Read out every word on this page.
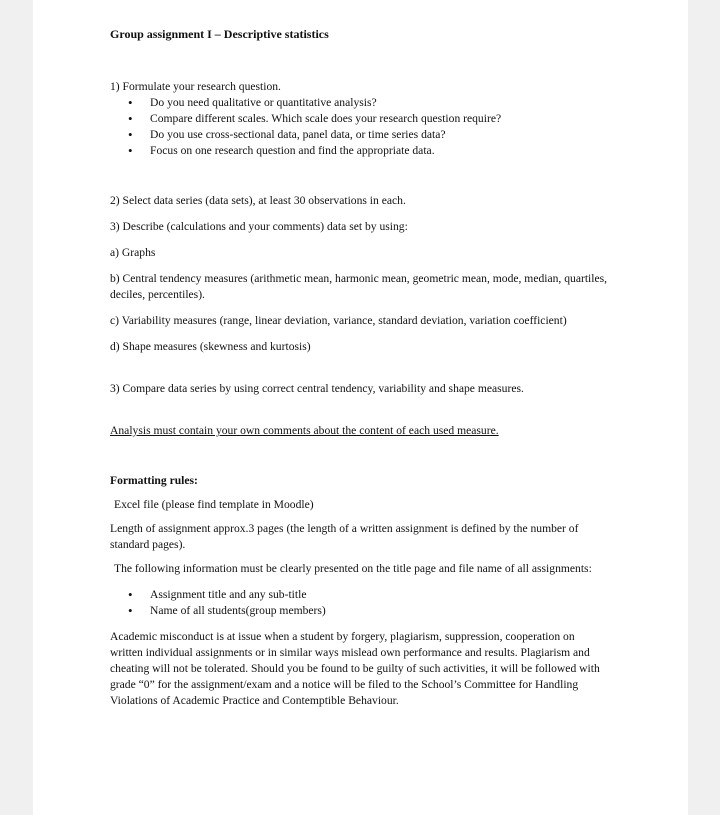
Group assignment I – Descriptive statistics

1) Formulate your research question.

• Do you need qualitative or quantitative analysis?
• Compare different scales. Which scale does your research question require?
• Do you use cross-sectional data, panel data, or time series data?
• Focus on one research question and find the appropriate data.

2) Select data series (data sets), at least 30 observations in each.

3) Describe (calculations and your comments) data set by using:

a) Graphs

b) Central tendency measures (arithmetic mean, harmonic mean, geometric mean, mode, median, quartiles, deciles, percentiles).

c) Variability measures (range, linear deviation, variance, standard deviation, variation coefficient)

d) Shape measures (skewness and kurtosis)

3) Compare data series by using correct central tendency, variability and shape measures.

Analysis must contain your own comments about the content of each used measure.

Formatting rules:

Excel file (please find template in Moodle)

Length of assignment approx.3 pages (the length of a written assignment is defined by the number of standard pages).

The following information must be clearly presented on the title page and file name of all assignments:

• Assignment title and any sub-title
• Name of all students(group members)

Academic misconduct is at issue when a student by forgery, plagiarism, suppression, cooperation on written individual assignments or in similar ways mislead own performance and results. Plagiarism and cheating will not be tolerated. Should you be found to be guilty of such activities, it will be followed with grade “0” for the assignment/exam and a notice will be filed to the School’s Committee for Handling Violations of Academic Practice and Contemptible Behaviour.
